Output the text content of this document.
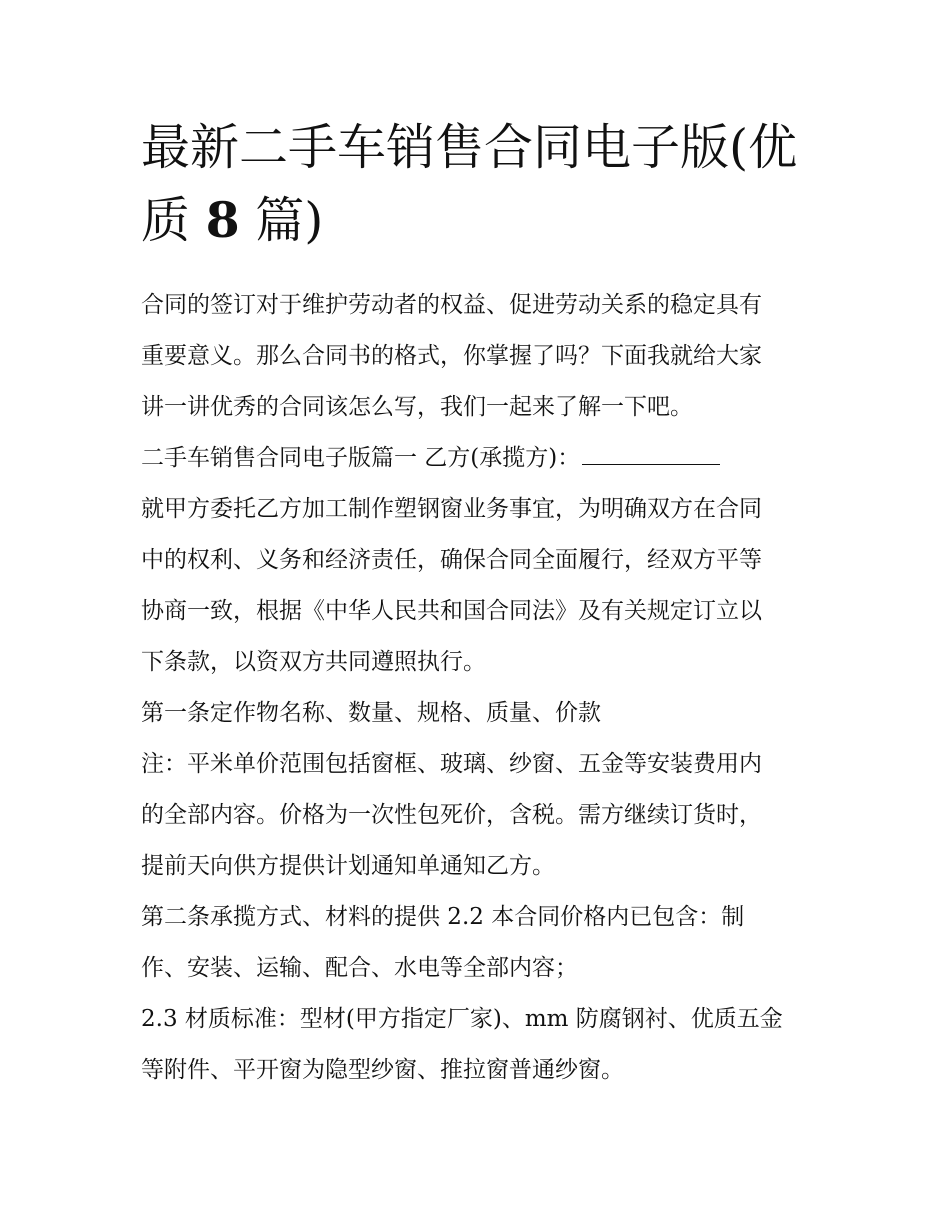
最新二手车销售合同电子版(优
质 8 篇)

合同的签订对于维护劳动者的权益、促进劳动关系的稳定具有
重要意义。那么合同书的格式，你掌握了吗？下面我就给大家
讲一讲优秀的合同该怎么写，我们一起来了解一下吧。

二手车销售合同电子版篇一 乙方(承揽方)：

就甲方委托乙方加工制作塑钢窗业务事宜，为明确双方在合同
中的权利、义务和经济责任，确保合同全面履行，经双方平等
协商一致，根据《中华人民共和国合同法》及有关规定订立以
下条款，以资双方共同遵照执行。

第一条定作物名称、数量、规格、质量、价款

注：平米单价范围包括窗框、玻璃、纱窗、五金等安装费用内
的全部内容。价格为一次性包死价，含税。需方继续订货时，
提前天向供方提供计划通知单通知乙方。

第二条承揽方式、材料的提供 2.2 本合同价格内已包含：制
作、安装、运输、配合、水电等全部内容；

2.3 材质标准：型材(甲方指定厂家)、mm 防腐钢衬、优质五金
等附件、平开窗为隐型纱窗、推拉窗普通纱窗。
